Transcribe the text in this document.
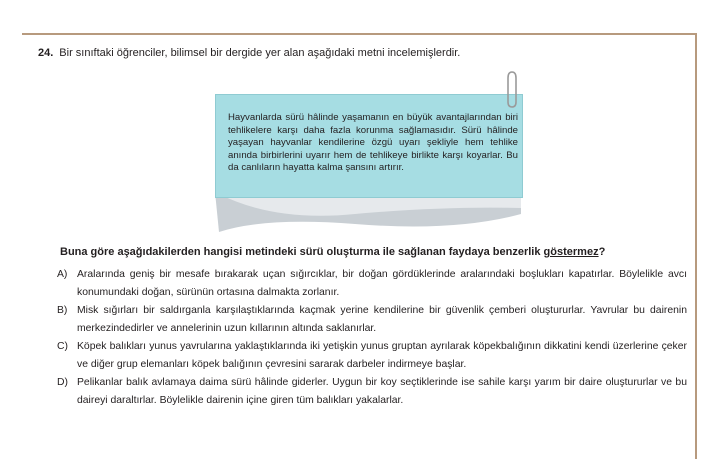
24. Bir sınıftaki öğrenciler, bilimsel bir dergide yer alan aşağıdaki metni incelemişlerdir.
Hayvanlarda sürü hâlinde yaşamanın en büyük avantajlarından biri tehlikelere karşı daha fazla korunma sağlamasıdır. Sürü hâlinde yaşayan hayvanlar kendilerine özgü uyarı şekliyle hem tehlike anında birbirlerini uyarır hem de tehlikeye birlikte karşı koyarlar. Bu da canlıların hayatta kalma şansını artırır.
Buna göre aşağıdakilerden hangisi metindeki sürü oluşturma ile sağlanan faydaya benzerlik göstermez?
A) Aralarında geniş bir mesafe bırakarak uçan sığırcıklar, bir doğan gördüklerinde aralarındaki boşlukları kapatırlar. Böylelikle avcı konumundaki doğan, sürünün ortasına dalmakta zorlanır.
B) Misk sığırları bir saldırganla karşılaştıklarında kaçmak yerine kendilerine bir güvenlik çemberi oluştururlar. Yavrular bu dairenin merkezindedirler ve annelerinin uzun kıllarının altında saklanırlar.
C) Köpek balıkları yunus yavrularına yaklaştıklarında iki yetişkin yunus gruptan ayrılarak köpekbalığının dikkatini kendi üzerlerine çeker ve diğer grup elemanları köpek balığının çevresini sararak darbeler indirmeye başlar.
D) Pelikanlar balık avlamaya daima sürü hâlinde giderler. Uygun bir koy seçtiklerinde ise sahile karşı yarım bir daire oluştururlar ve bu daireyi daraltırlar. Böylelikle dairenin içine giren tüm balıkları yakalarlar.
